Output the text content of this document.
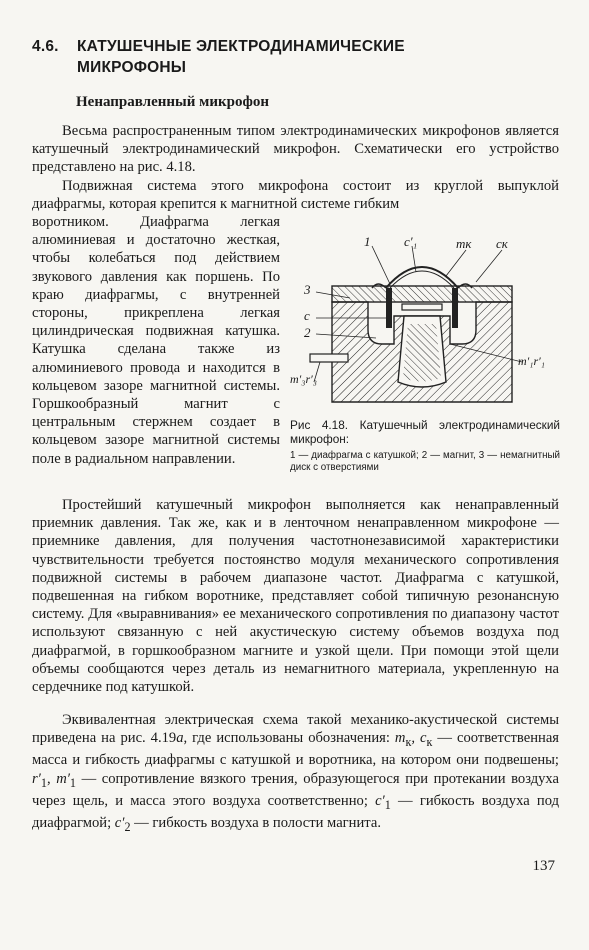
4.6. КАТУШЕЧНЫЕ ЭЛЕКТРОДИНАМИЧЕСКИЕ МИКРОФОНЫ
Ненаправленный микрофон

Весьма распространенным типом электродинамических микрофонов является катушечный электродинамический микрофон. Схематически его устройство представлено на рис. 4.18.

Подвижная система этого микрофона состоит из круглой выпуклой диафрагмы, которая крепится к магнитной системе гибким

воротником. Диафрагма легкая алюминиевая и достаточно жесткая, чтобы колебаться под действием звукового давления как поршень. По краю диафрагмы, с внутренней стороны, прикреплена легкая цилиндрическая подвижная катушка. Катушка сделана также из алюминиевого провода и находится в кольцевом зазоре магнитной системы. Горшкообразный магнит с центральным стержнем создает в кольцевом зазоре магнитной системы поле в радиальном направлении.

1	c′₁	mк cк
3
c
2
m′₁r′₁
m′₃r′₃
Рис 4.18. Катушечный электродинамический микрофон:
1 — диафрагма с катушкой; 2 — магнит, 3 — немагнитный диск с отверстиями

Простейший катушечный микрофон выполняется как ненаправленный приемник давления. Так же, как и в ленточном ненаправленном микрофоне — приемнике давления, для получения частотнонезависимой характеристики чувствительности требуется постоянство модуля механического сопротивления подвижной системы в рабочем диапазоне частот. Диафрагма с катушкой, подвешенная на гибком воротнике, представляет собой типичную резонансную систему. Для «выравнивания» ее механического сопротивления по диапазону частот используют связанную с ней акустическую систему объемов воздуха под диафрагмой, в горшкообразном магните и узкой щели. При помощи этой щели объемы сообщаются через деталь из немагнитного материала, укрепленную на сердечнике под катушкой.

Эквивалентная электрическая схема такой механико-акустической системы приведена на рис. 4.19а, где использованы обозначения: $m_к$, $c_к$ — соответственная масса и гибкость диафрагмы с катушкой и воротника, на котором они подвешены; $r'_1$, $m'_1$ — сопротивление вязкого трения, образующегося при протекании воздуха через щель, и масса этого воздуха соответственно; $c'_1$ — гибкость воздуха под диафрагмой; $c'_2$ — гибкость воздуха в полости магнита.

137
